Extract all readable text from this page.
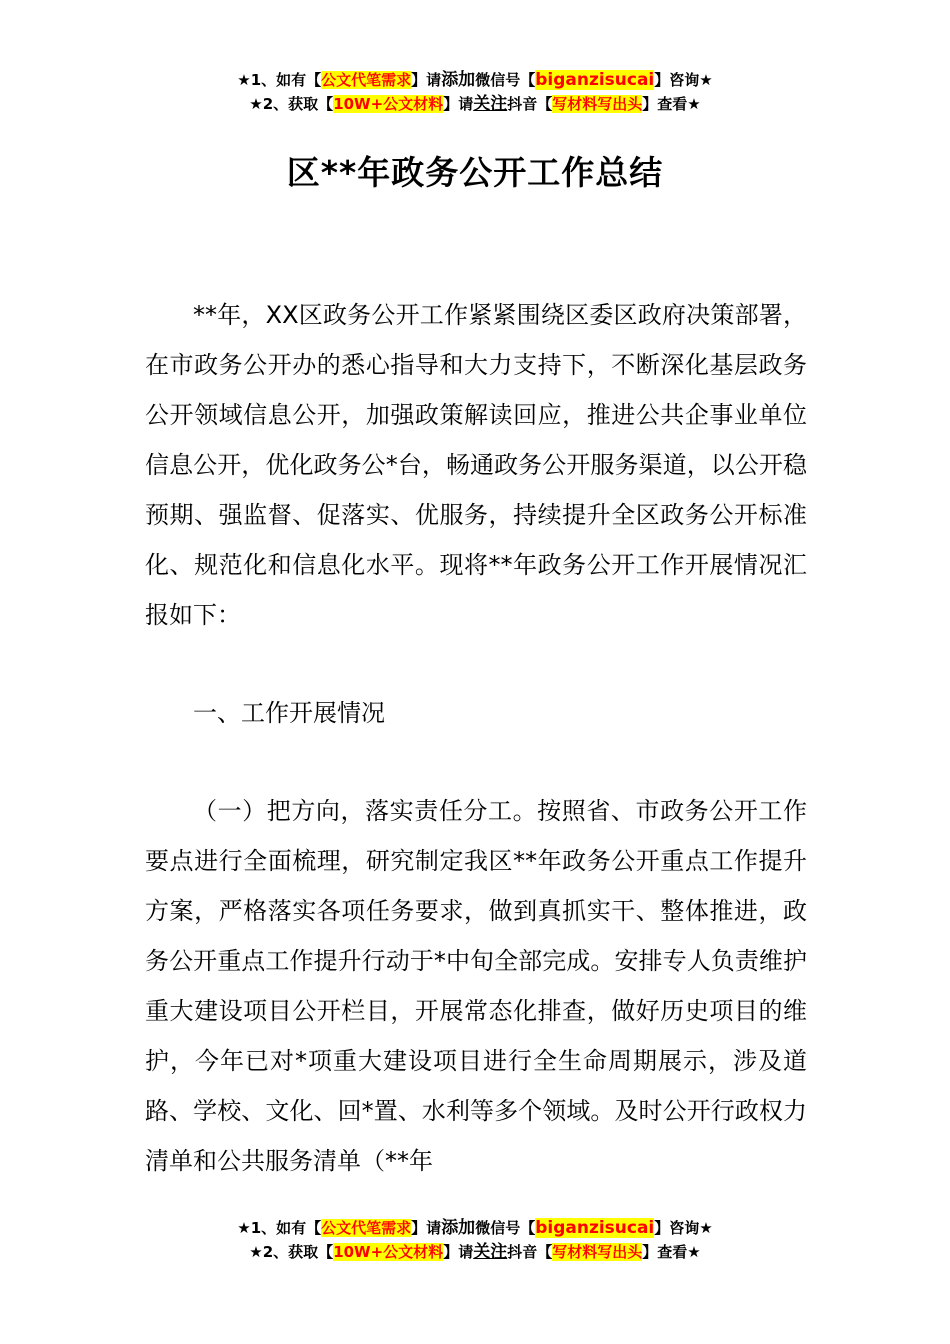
★1、如有【公文代笔需求】请添加微信号【biganzisucai】咨询★
★2、获取【10W+公文材料】请关注抖音【写材料写出头】查看★
区**年政务公开工作总结
**年，XX区政务公开工作紧紧围绕区委区政府决策部署，在市政务公开办的悉心指导和大力支持下，不断深化基层政务公开领域信息公开，加强政策解读回应，推进公共企事业单位信息公开，优化政务公*台，畅通政务公开服务渠道，以公开稳预期、强监督、促落实、优服务，持续提升全区政务公开标准化、规范化和信息化水平。现将**年政务公开工作开展情况汇报如下：
一、工作开展情况
（一）把方向，落实责任分工。按照省、市政务公开工作要点进行全面梳理，研究制定我区**年政务公开重点工作提升方案，严格落实各项任务要求，做到真抓实干、整体推进，政务公开重点工作提升行动于*中旬全部完成。安排专人负责维护重大建设项目公开栏目，开展常态化排查，做好历史项目的维护，今年已对*项重大建设项目进行全生命周期展示，涉及道路、学校、文化、回*置、水利等多个领域。及时公开行政权力清单和公共服务清单（**年
★1、如有【公文代笔需求】请添加微信号【biganzisucai】咨询★
★2、获取【10W+公文材料】请关注抖音【写材料写出头】查看★
